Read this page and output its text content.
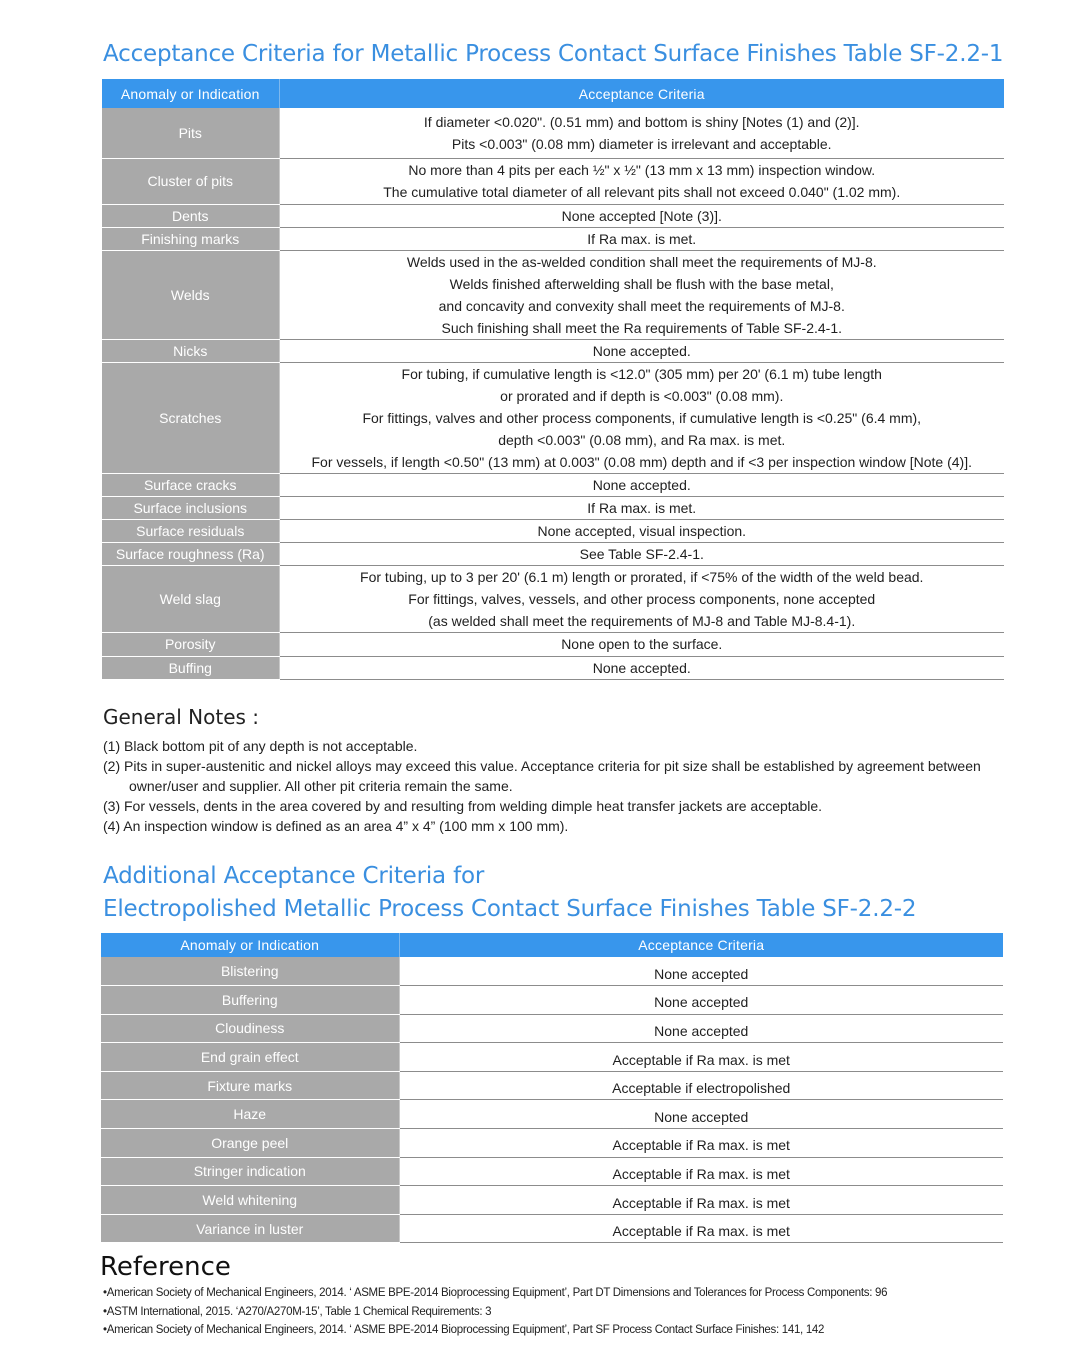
Acceptance Criteria for Metallic Process Contact Surface Finishes Table SF-2.2-1
Anomaly or Indication	Acceptance Criteria
Pits	If diameter <0.020". (0.51 mm) and bottom is shiny [Notes (1) and (2)].
Pits <0.003" (0.08 mm) diameter is irrelevant and acceptable.

Cluster of pits	No more than 4 pits per each ½" x ½" (13 mm x 13 mm) inspection window.
The cumulative total diameter of all relevant pits shall not exceed 0.040" (1.02 mm).

Dents	None accepted [Note (3)].

Finishing marks	If Ra max. is met.

Welds	Welds used in the as-welded condition shall meet the requirements of MJ-8.
Welds finished afterwelding shall be flush with the base metal,
and concavity and convexity shall meet the requirements of MJ-8.
Such finishing shall meet the Ra requirements of Table SF-2.4-1.

Nicks	None accepted.

Scratches	For tubing, if cumulative length is <12.0" (305 mm) per 20' (6.1 m) tube length
or prorated and if depth is <0.003" (0.08 mm).
For fittings, valves and other process components, if cumulative length is <0.25" (6.4 mm),
depth <0.003" (0.08 mm), and Ra max. is met.
For vessels, if length <0.50" (13 mm) at 0.003" (0.08 mm) depth and if <3 per inspection window [Note (4)].

Surface cracks	None accepted.

Surface inclusions	If Ra max. is met.

Surface residuals	None accepted, visual inspection.

Surface roughness (Ra)	See Table SF-2.4-1.

Weld slag	For tubing, up to 3 per 20' (6.1 m) length or prorated, if <75% of the width of the weld bead.
For fittings, valves, vessels, and other process components, none accepted
(as welded shall meet the requirements of MJ-8 and Table MJ-8.4-1).

Porosity	None open to the surface.

Buffing	None accepted.
General Notes :
(1) Black bottom pit of any depth is not acceptable.
(2) Pits in super-austenitic and nickel alloys may exceed this value. Acceptance criteria for pit size shall be established by agreement between owner/user and supplier. All other pit criteria remain the same.
(3) For vessels, dents in the area covered by and resulting from welding dimple heat transfer jackets are acceptable.
(4) An inspection window is defined as an area 4” x 4” (100 mm x 100 mm).
Additional Acceptance Criteria for
Electropolished Metallic Process Contact Surface Finishes Table SF-2.2-2
Anomaly or Indication	Acceptance Criteria
Blistering	None accepted
Buffering	None accepted
Cloudiness	None accepted
End grain effect	Acceptable if Ra max. is met
Fixture marks	Acceptable if electropolished
Haze	None accepted
Orange peel	Acceptable if Ra max. is met
Stringer indication	Acceptable if Ra max. is met
Weld whitening	Acceptable if Ra max. is met
Variance in luster	Acceptable if Ra max. is met
Reference
• American Society of Mechanical Engineers, 2014. ‘ ASME BPE-2014 Bioprocessing Equipment’, Part DT Dimensions and Tolerances for Process Components: 96
• ASTM International, 2015. ‘A270/A270M-15’, Table 1 Chemical Requirements: 3
• American Society of Mechanical Engineers, 2014. ‘ ASME BPE-2014 Bioprocessing Equipment’, Part SF Process Contact Surface Finishes: 141, 142
